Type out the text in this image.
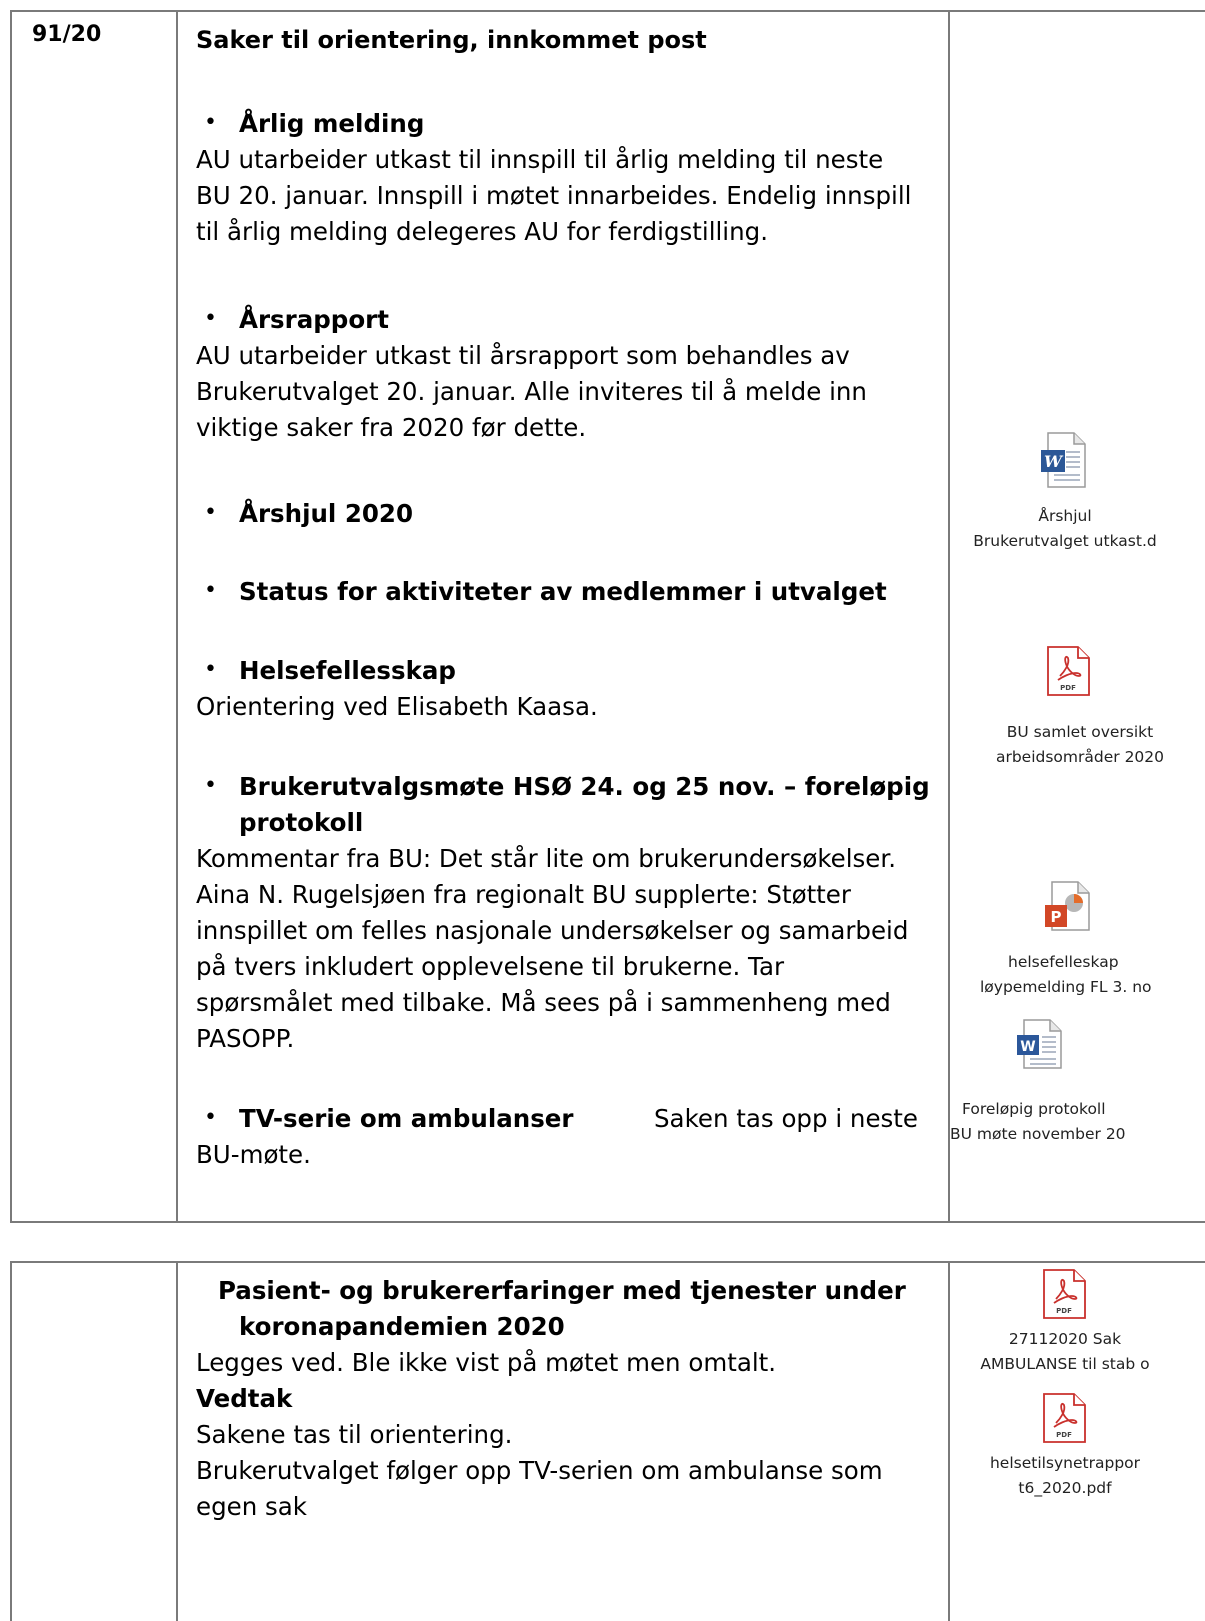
91/20	Saker til orientering, innkommet post
• Årlig melding
AU utarbeider utkast til innspill til årlig melding til neste
BU 20. januar. Innspill i møtet innarbeides. Endelig innspill
til årlig melding delegeres AU for ferdigstilling.
• Årsrapport
AU utarbeider utkast til årsrapport som behandles av
Brukerutvalget 20. januar. Alle inviteres til å melde inn
viktige saker fra 2020 før dette.
• Årshjul 2020
• Status for aktiviteter av medlemmer i utvalget
• Helsefellesskap
Orientering ved Elisabeth Kaasa.
• Brukerutvalgsmøte HSØ 24. og 25 nov. – foreløpig
protokoll
Kommentar fra BU: Det står lite om brukerundersøkelser.
Aina N. Rugelsjøen fra regionalt BU supplerte: Støtter
innspillet om felles nasjonale undersøkelser og samarbeid
på tvers inkludert opplevelsene til brukerne. Tar
spørsmålet med tilbake. Må sees på i sammenheng med
PASOPP.
• TV-serie om ambulanser	Saken tas opp i neste
BU-møte.
W
Årshjul
Brukerutvalget utkast.d
PDF
BU samlet oversikt
arbeidsområder 2020
P
helsefelleskap
løypemelding FL 3. no
W
Foreløpig protokoll
BU møte november 20
Pasient- og brukererfaringer med tjenester under
koronapandemien 2020
Legges ved. Ble ikke vist på møtet men omtalt.
Vedtak
Sakene tas til orientering.
Brukerutvalget følger opp TV-serien om ambulanse som
egen sak
PDF
27112020 Sak
AMBULANSE til stab o
PDF
helsetilsynetrappor
t6_2020.pdf
